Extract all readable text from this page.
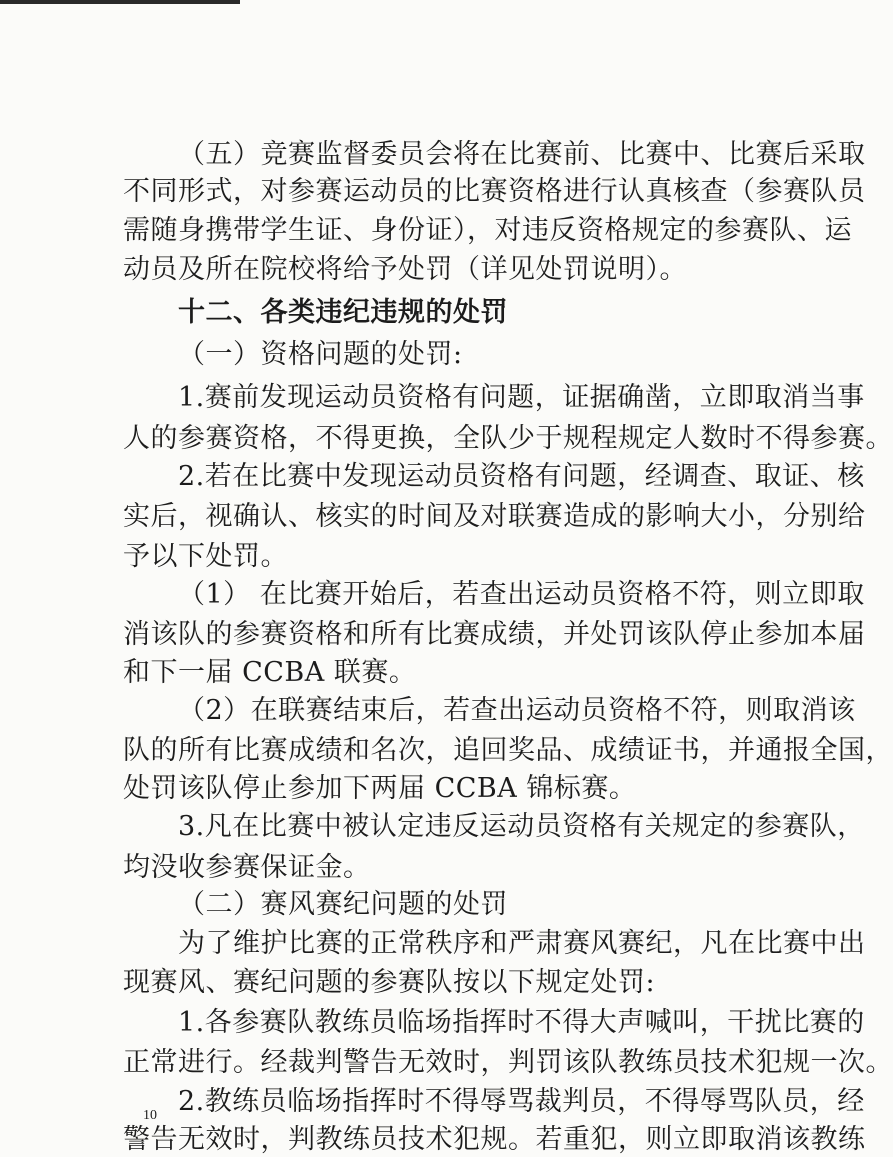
（五）竞赛监督委员会将在比赛前、比赛中、比赛后采取
不同形式，对参赛运动员的比赛资格进行认真核查（参赛队员
需随身携带学生证、身份证），对违反资格规定的参赛队、运
动员及所在院校将给予处罚（详见处罚说明）。
十二、各类违纪违规的处罚
（一）资格问题的处罚:
1.赛前发现运动员资格有问题，证据确凿，立即取消当事
人的参赛资格，不得更换，全队少于规程规定人数时不得参赛。
2.若在比赛中发现运动员资格有问题，经调查、取证、核
实后，视确认、核实的时间及对联赛造成的影响大小，分别给
予以下处罚。
（1） 在比赛开始后，若查出运动员资格不符，则立即取
消该队的参赛资格和所有比赛成绩，并处罚该队停止参加本届
和下一届 CCBA 联赛。
（2）在联赛结束后，若查出运动员资格不符，则取消该
队的所有比赛成绩和名次，追回奖品、成绩证书，并通报全国，
处罚该队停止参加下两届 CCBA 锦标赛。
3.凡在比赛中被认定违反运动员资格有关规定的参赛队，
均没收参赛保证金。
（二）赛风赛纪问题的处罚
为了维护比赛的正常秩序和严肃赛风赛纪，凡在比赛中出
现赛风、赛纪问题的参赛队按以下规定处罚:
1.各参赛队教练员临场指挥时不得大声喊叫，干扰比赛的
正常进行。经裁判警告无效时，判罚该队教练员技术犯规一次。
2.教练员临场指挥时不得辱骂裁判员，不得辱骂队员，经
警告无效时，判教练员技术犯规。若重犯，则立即取消该教练
10
